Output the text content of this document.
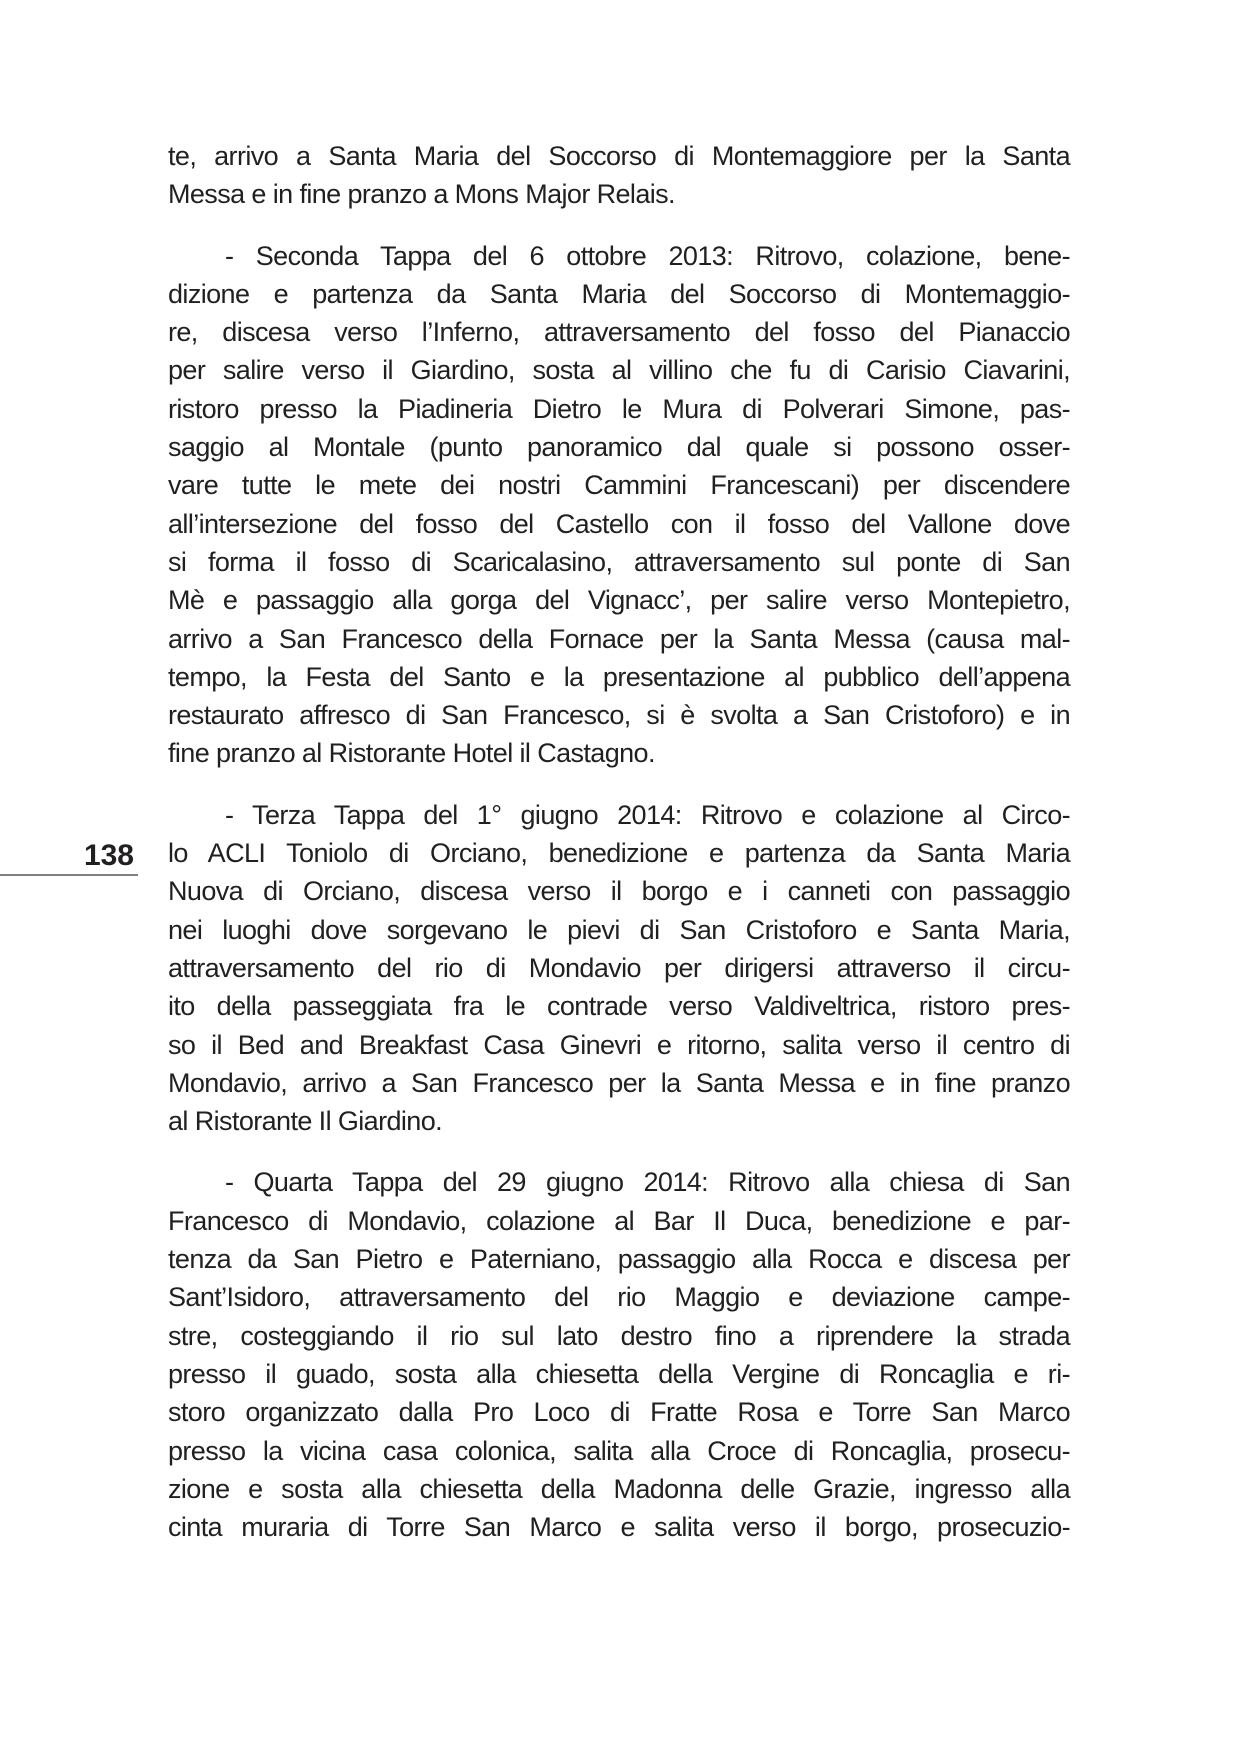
138
te, arrivo a Santa Maria del Soccorso di Montemaggiore per la Santa
Messa e in fine pranzo a Mons Major Relais.
- Seconda Tappa del 6 ottobre 2013: Ritrovo, colazione, bene-
dizione e partenza da Santa Maria del Soccorso di Montemaggio-
re, discesa verso l’Inferno, attraversamento del fosso del Pianaccio
per salire verso il Giardino, sosta al villino che fu di Carisio Ciavarini,
ristoro presso la Piadineria Dietro le Mura di Polverari Simone, pas-
saggio al Montale (punto panoramico dal quale si possono osser-
vare tutte le mete dei nostri Cammini Francescani) per discendere
all’intersezione del fosso del Castello con il fosso del Vallone dove
si forma il fosso di Scaricalasino, attraversamento sul ponte di San
Mè e passaggio alla gorga del Vignacc’, per salire verso Montepietro,
arrivo a San Francesco della Fornace per la Santa Messa (causa mal-
tempo, la Festa del Santo e la presentazione al pubblico dell’appena
restaurato affresco di San Francesco, si è svolta a San Cristoforo) e in
fine pranzo al Ristorante Hotel il Castagno.
- Terza Tappa del 1° giugno 2014: Ritrovo e colazione al Circo-
lo ACLI Toniolo di Orciano, benedizione e partenza da Santa Maria
Nuova di Orciano, discesa verso il borgo e i canneti con passaggio
nei luoghi dove sorgevano le pievi di San Cristoforo e Santa Maria,
attraversamento del rio di Mondavio per dirigersi attraverso il circu-
ito della passeggiata fra le contrade verso Valdiveltrica, ristoro pres-
so il Bed and Breakfast Casa Ginevri e ritorno, salita verso il centro di
Mondavio, arrivo a San Francesco per la Santa Messa e in fine pranzo
al Ristorante Il Giardino.
- Quarta Tappa del 29 giugno 2014: Ritrovo alla chiesa di San
Francesco di Mondavio, colazione al Bar Il Duca, benedizione e par-
tenza da San Pietro e Paterniano, passaggio alla Rocca e discesa per
Sant’Isidoro, attraversamento del rio Maggio e deviazione campe-
stre, costeggiando il rio sul lato destro fino a riprendere la strada
presso il guado, sosta alla chiesetta della Vergine di Roncaglia e ri-
storo organizzato dalla Pro Loco di Fratte Rosa e Torre San Marco
presso la vicina casa colonica, salita alla Croce di Roncaglia, prosecu-
zione e sosta alla chiesetta della Madonna delle Grazie, ingresso alla
cinta muraria di Torre San Marco e salita verso il borgo, prosecuzio-
